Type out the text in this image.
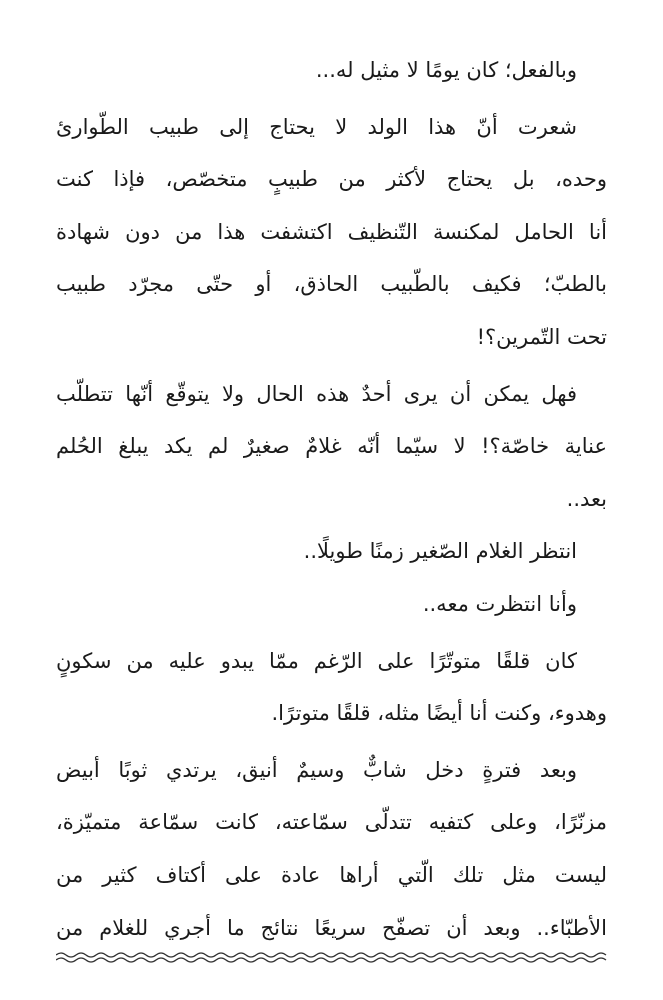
وبالفعل؛ كان يومًا لا مثيل له...
شعرت أنّ هذا الولد لا يحتاج إلى طبيب الطّوارئ
وحده، بل يحتاج لأكثر من طبيبٍ متخصّص، فإذا كنت
أنا الحامل لمكنسة التّنظيف اكتشفت هذا من دون شهادة
بالطبّ؛ فكيف بالطّبيب الحاذق، أو حتّى مجرّد طبيب
تحت التّمرين؟!
فهل يمكن أن يرى أحدٌ هذه الحال ولا يتوقّع أنّها تتطلّب
عناية خاصّة؟! لا سيّما أنّه غلامٌ صغيرٌ لم يكد يبلغ الحُلم
بعد..
انتظر الغلام الصّغير زمنًا طويلًا..
وأنا انتظرت معه..
كان قلقًا متوتّرًا على الرّغم ممّا يبدو عليه من سكونٍ
وهدوء، وكنت أنا أيضًا مثله، قلقًا متوترًا.
وبعد فترةٍ دخل شابٌّ وسيمٌ أنيق، يرتدي ثوبًا أبيض
مزنّرًا، وعلى كتفيه تتدلّى سمّاعته، كانت سمّاعة متميّزة،
ليست مثل تلك الّتي أراها عادة على أكتاف كثير من
الأطبّاء.. وبعد أن تصفّح سريعًا نتائج ما أجري للغلام من
